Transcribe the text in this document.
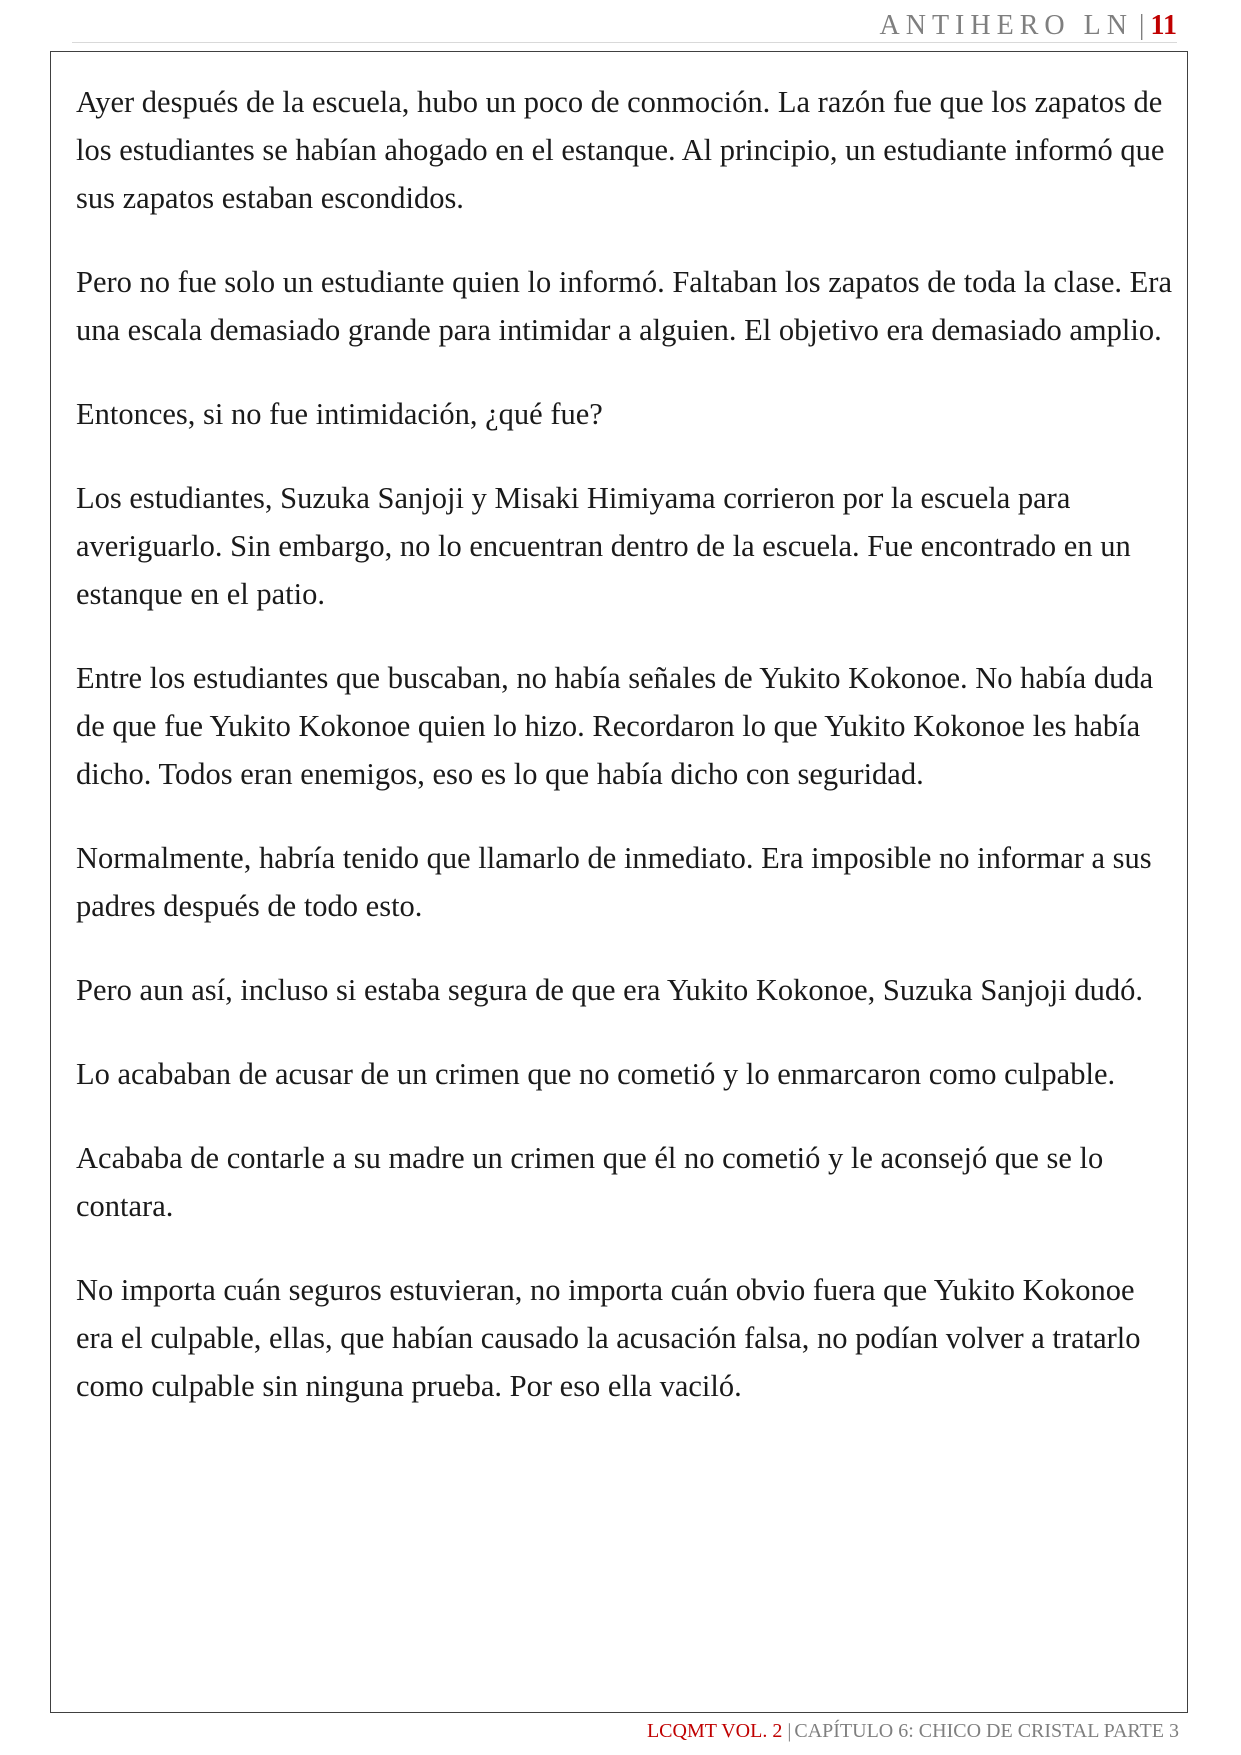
ANTIHERO LN | 11

Ayer después de la escuela, hubo un poco de conmoción. La razón fue que los zapatos de los estudiantes se habían ahogado en el estanque. Al principio, un estudiante informó que sus zapatos estaban escondidos.

Pero no fue solo un estudiante quien lo informó. Faltaban los zapatos de toda la clase. Era una escala demasiado grande para intimidar a alguien. El objetivo era demasiado amplio.

Entonces, si no fue intimidación, ¿qué fue?

Los estudiantes, Suzuka Sanjoji y Misaki Himiyama corrieron por la escuela para averiguarlo. Sin embargo, no lo encuentran dentro de la escuela. Fue encontrado en un estanque en el patio.

Entre los estudiantes que buscaban, no había señales de Yukito Kokonoe. No había duda de que fue Yukito Kokonoe quien lo hizo. Recordaron lo que Yukito Kokonoe les había dicho. Todos eran enemigos, eso es lo que había dicho con seguridad.

Normalmente, habría tenido que llamarlo de inmediato. Era imposible no informar a sus padres después de todo esto.

Pero aun así, incluso si estaba segura de que era Yukito Kokonoe, Suzuka Sanjoji dudó.

Lo acababan de acusar de un crimen que no cometió y lo enmarcaron como culpable.

Acababa de contarle a su madre un crimen que él no cometió y le aconsejó que se lo contara.

No importa cuán seguros estuvieran, no importa cuán obvio fuera que Yukito Kokonoe era el culpable, ellas, que habían causado la acusación falsa, no podían volver a tratarlo como culpable sin ninguna prueba. Por eso ella vaciló.

LCQMT VOL. 2 | CAPÍTULO 6: CHICO DE CRISTAL PARTE 3
